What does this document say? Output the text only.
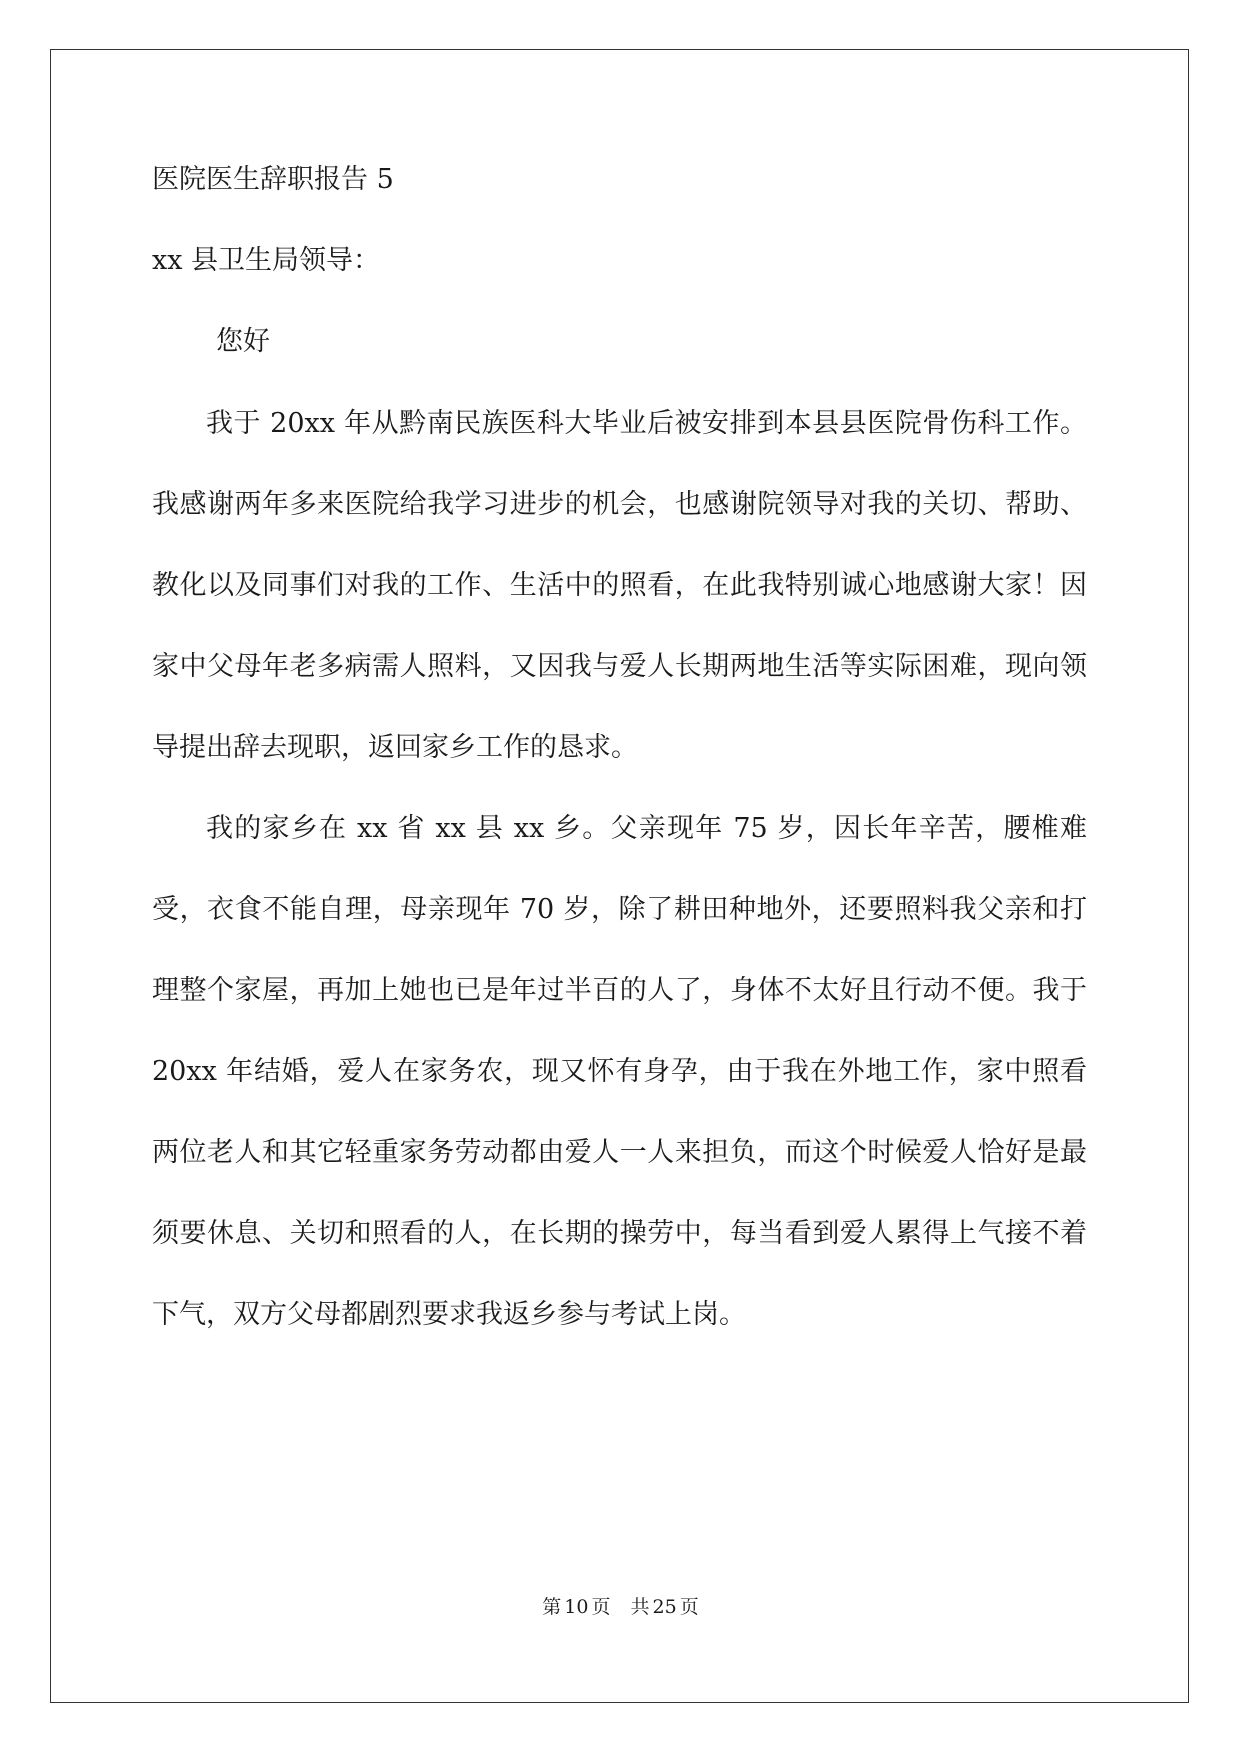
医院医生辞职报告 5

xx 县卫生局领导：

您好

我于 20xx 年从黔南民族医科大毕业后被安排到本县县医院骨伤科工作。我感谢两年多来医院给我学习进步的机会，也感谢院领导对我的关切、帮助、教化以及同事们对我的工作、生活中的照看，在此我特别诚心地感谢大家！因家中父母年老多病需人照料，又因我与爱人长期两地生活等实际困难，现向领导提出辞去现职，返回家乡工作的恳求。

我的家乡在 xx 省 xx 县 xx 乡。父亲现年 75 岁，因长年辛苦，腰椎难受，衣食不能自理，母亲现年 70 岁，除了耕田种地外，还要照料我父亲和打理整个家屋，再加上她也已是年过半百的人了，身体不太好且行动不便。我于 20xx 年结婚，爱人在家务农，现又怀有身孕，由于我在外地工作，家中照看两位老人和其它轻重家务劳动都由爱人一人来担负，而这个时候爱人恰好是最须要休息、关切和照看的人，在长期的操劳中，每当看到爱人累得上气接不着下气，双方父母都剧烈要求我返乡参与考试上岗。

第 10 页 共 25 页
